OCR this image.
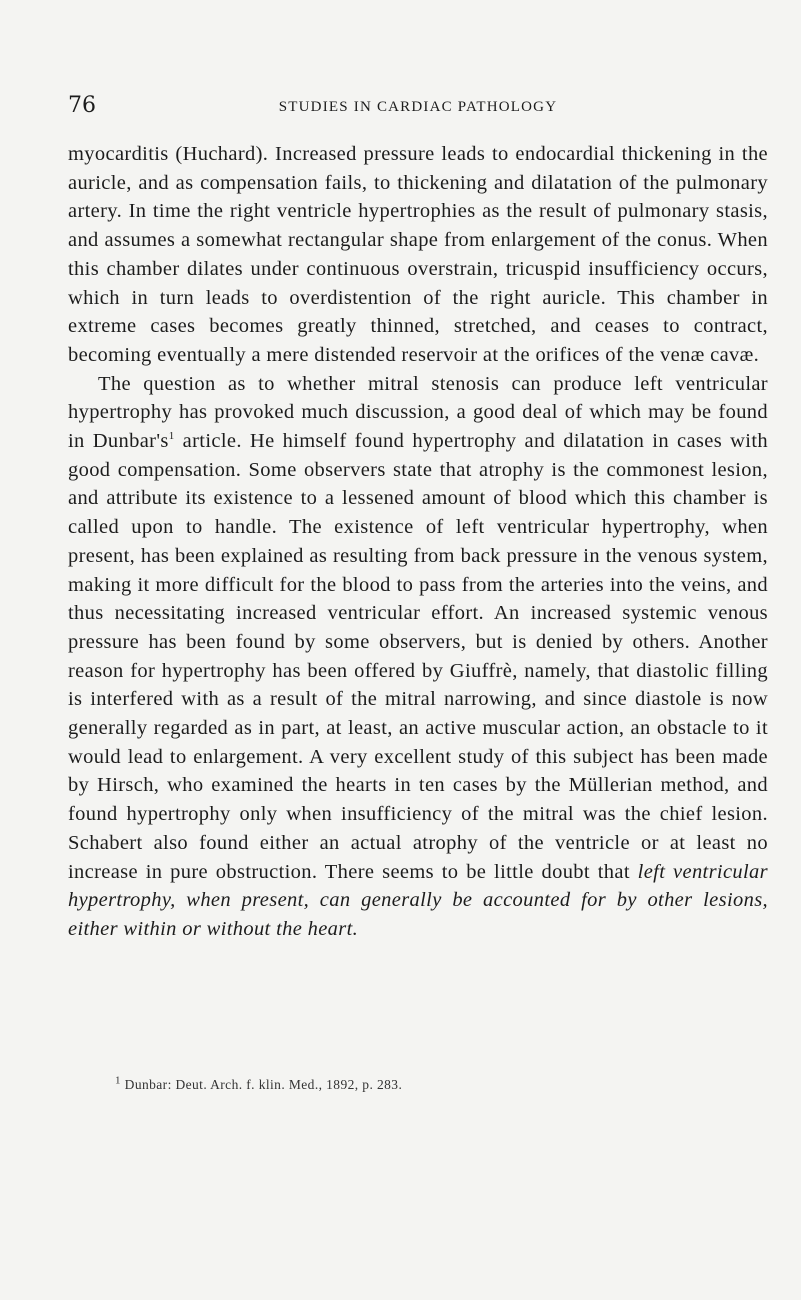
76	STUDIES IN CARDIAC PATHOLOGY

myocarditis (Huchard). Increased pressure leads to endocardial thickening in the auricle, and as compensation fails, to thickening and dilatation of the pulmonary artery. In time the right ventricle hypertrophies as the result of pulmonary stasis, and assumes a somewhat rectangular shape from enlargement of the conus. When this chamber dilates under continuous overstrain, tricuspid insufficiency occurs, which in turn leads to overdistention of the right auricle. This chamber in extreme cases becomes greatly thinned, stretched, and ceases to contract, becoming eventually a mere distended reservoir at the orifices of the venæ cavæ.

The question as to whether mitral stenosis can produce left ventricular hypertrophy has provoked much discussion, a good deal of which may be found in $Dunbar's^1$ article. He himself found hypertrophy and dilatation in cases with good compensation. Some observers state that atrophy is the commonest lesion, and attribute its existence to a lessened amount of blood which this chamber is called upon to handle. The existence of left ventricular hypertrophy, when present, has been explained as resulting from back pressure in the venous system, making it more difficult for the blood to pass from the arteries into the veins, and thus necessitating increased ventricular effort. An increased systemic venous pressure has been found by some observers, but is denied by others. Another reason for hypertrophy has been offered by Giuffrè, namely, that diastolic filling is interfered with as a result of the mitral narrowing, and since diastole is now generally regarded as in part, at least, an active muscular action, an obstacle to it would lead to enlargement. A very excellent study of this subject has been made by Hirsch, who examined the hearts in ten cases by the Müllerian method, and found hypertrophy only when insufficiency of the mitral was the chief lesion. Schabert also found either an actual atrophy of the ventricle or at least no increase in pure obstruction. There seems to be little doubt that left ventricular hypertrophy, when present, can generally be accounted for by other lesions, either within or without the heart.

$^1$ Dunbar: Deut. Arch. f. klin. Med., 1892, p. 283.
